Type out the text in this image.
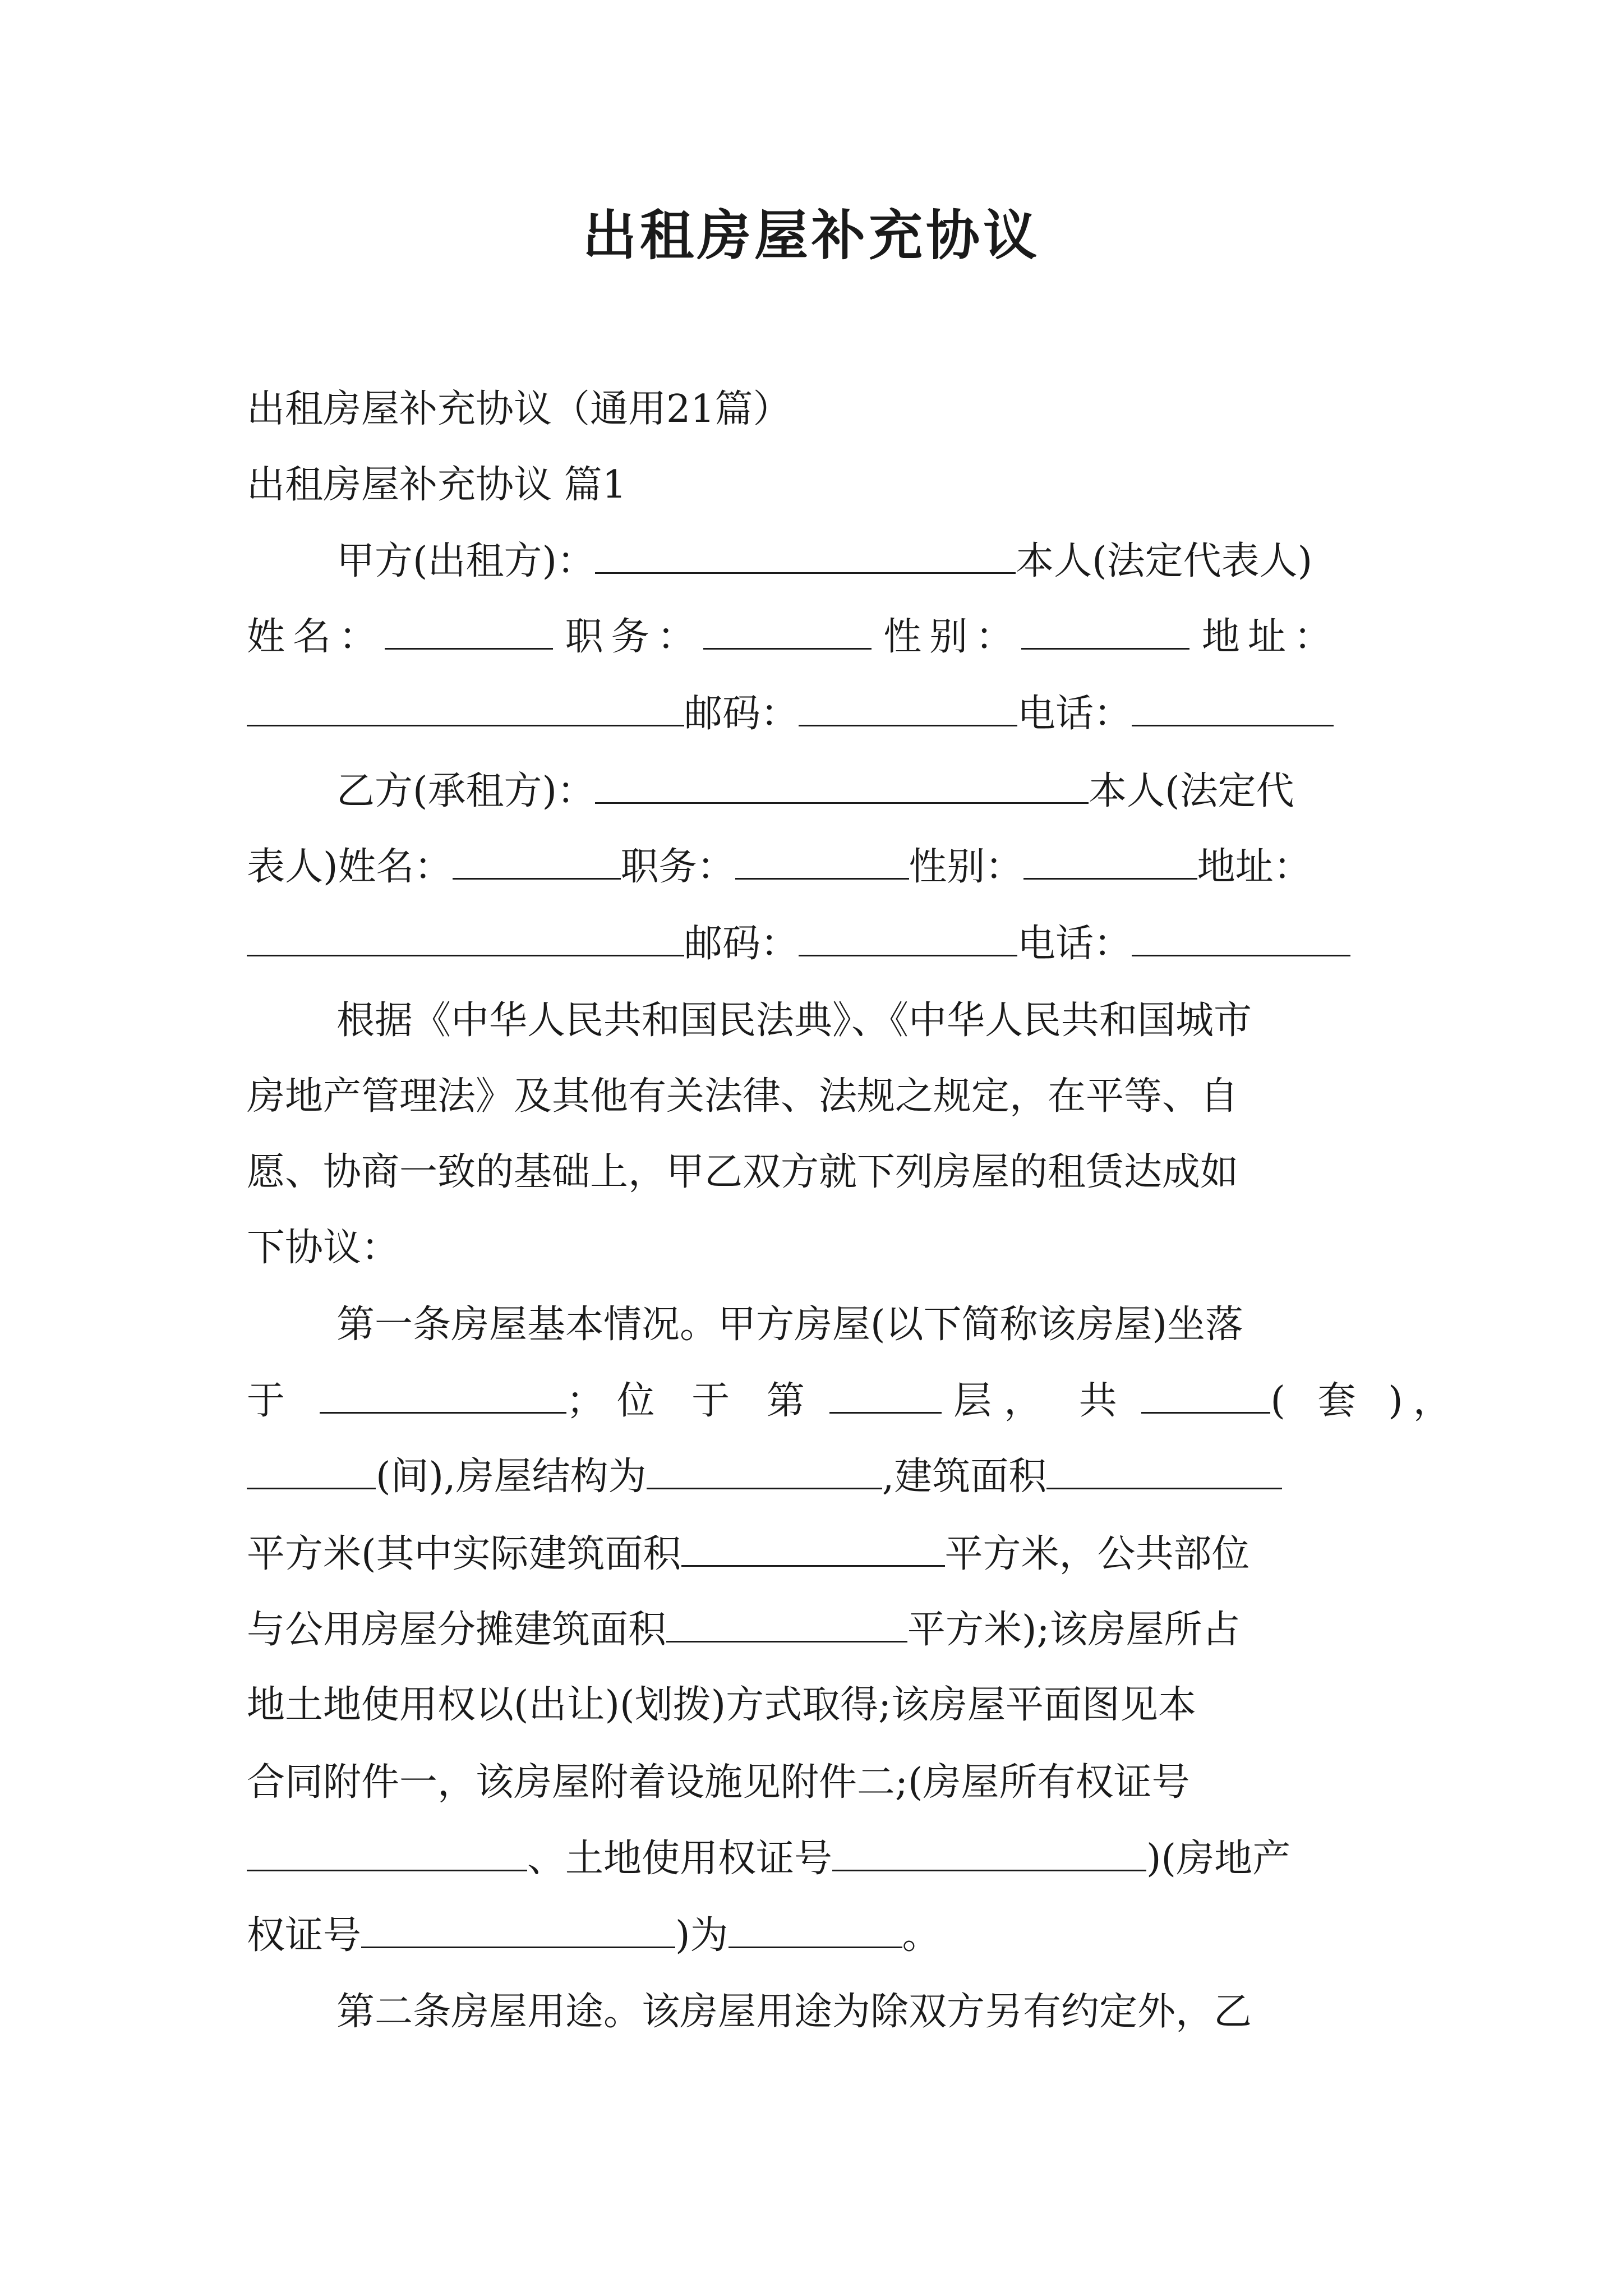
出租房屋补充协议
出租房屋补充协议（通用21篇）
出租房屋补充协议 篇1
甲方(出租方)：	本人(法定代表人)
姓名：	职务：	性别：	地址：
邮码：	电话：
乙方(承租方)：	本人(法定代
表人)姓名：	职务：	性别：	地址：
邮码：	电话：
根据《中华人民共和国民法典》、《中华人民共和国城市
房地产管理法》及其他有关法律、法规之规定，在平等、自
愿、协商一致的基础上，甲乙双方就下列房屋的租赁达成如
下协议：
第一条房屋基本情况。甲方房屋(以下简称该房屋)坐落
于	；位 于 第	层， 共	( 套 )，
(间),房屋结构为	,建筑面积
平方米(其中实际建筑面积	平方米，公共部位
与公用房屋分摊建筑面积	平方米);该房屋所占
地土地使用权以(出让)(划拨)方式取得;该房屋平面图见本
合同附件一，该房屋附着设施见附件二;(房屋所有权证号
、土地使用权证号	)(房地产
权证号	)为	。
第二条房屋用途。该房屋用途为除双方另有约定外，乙
